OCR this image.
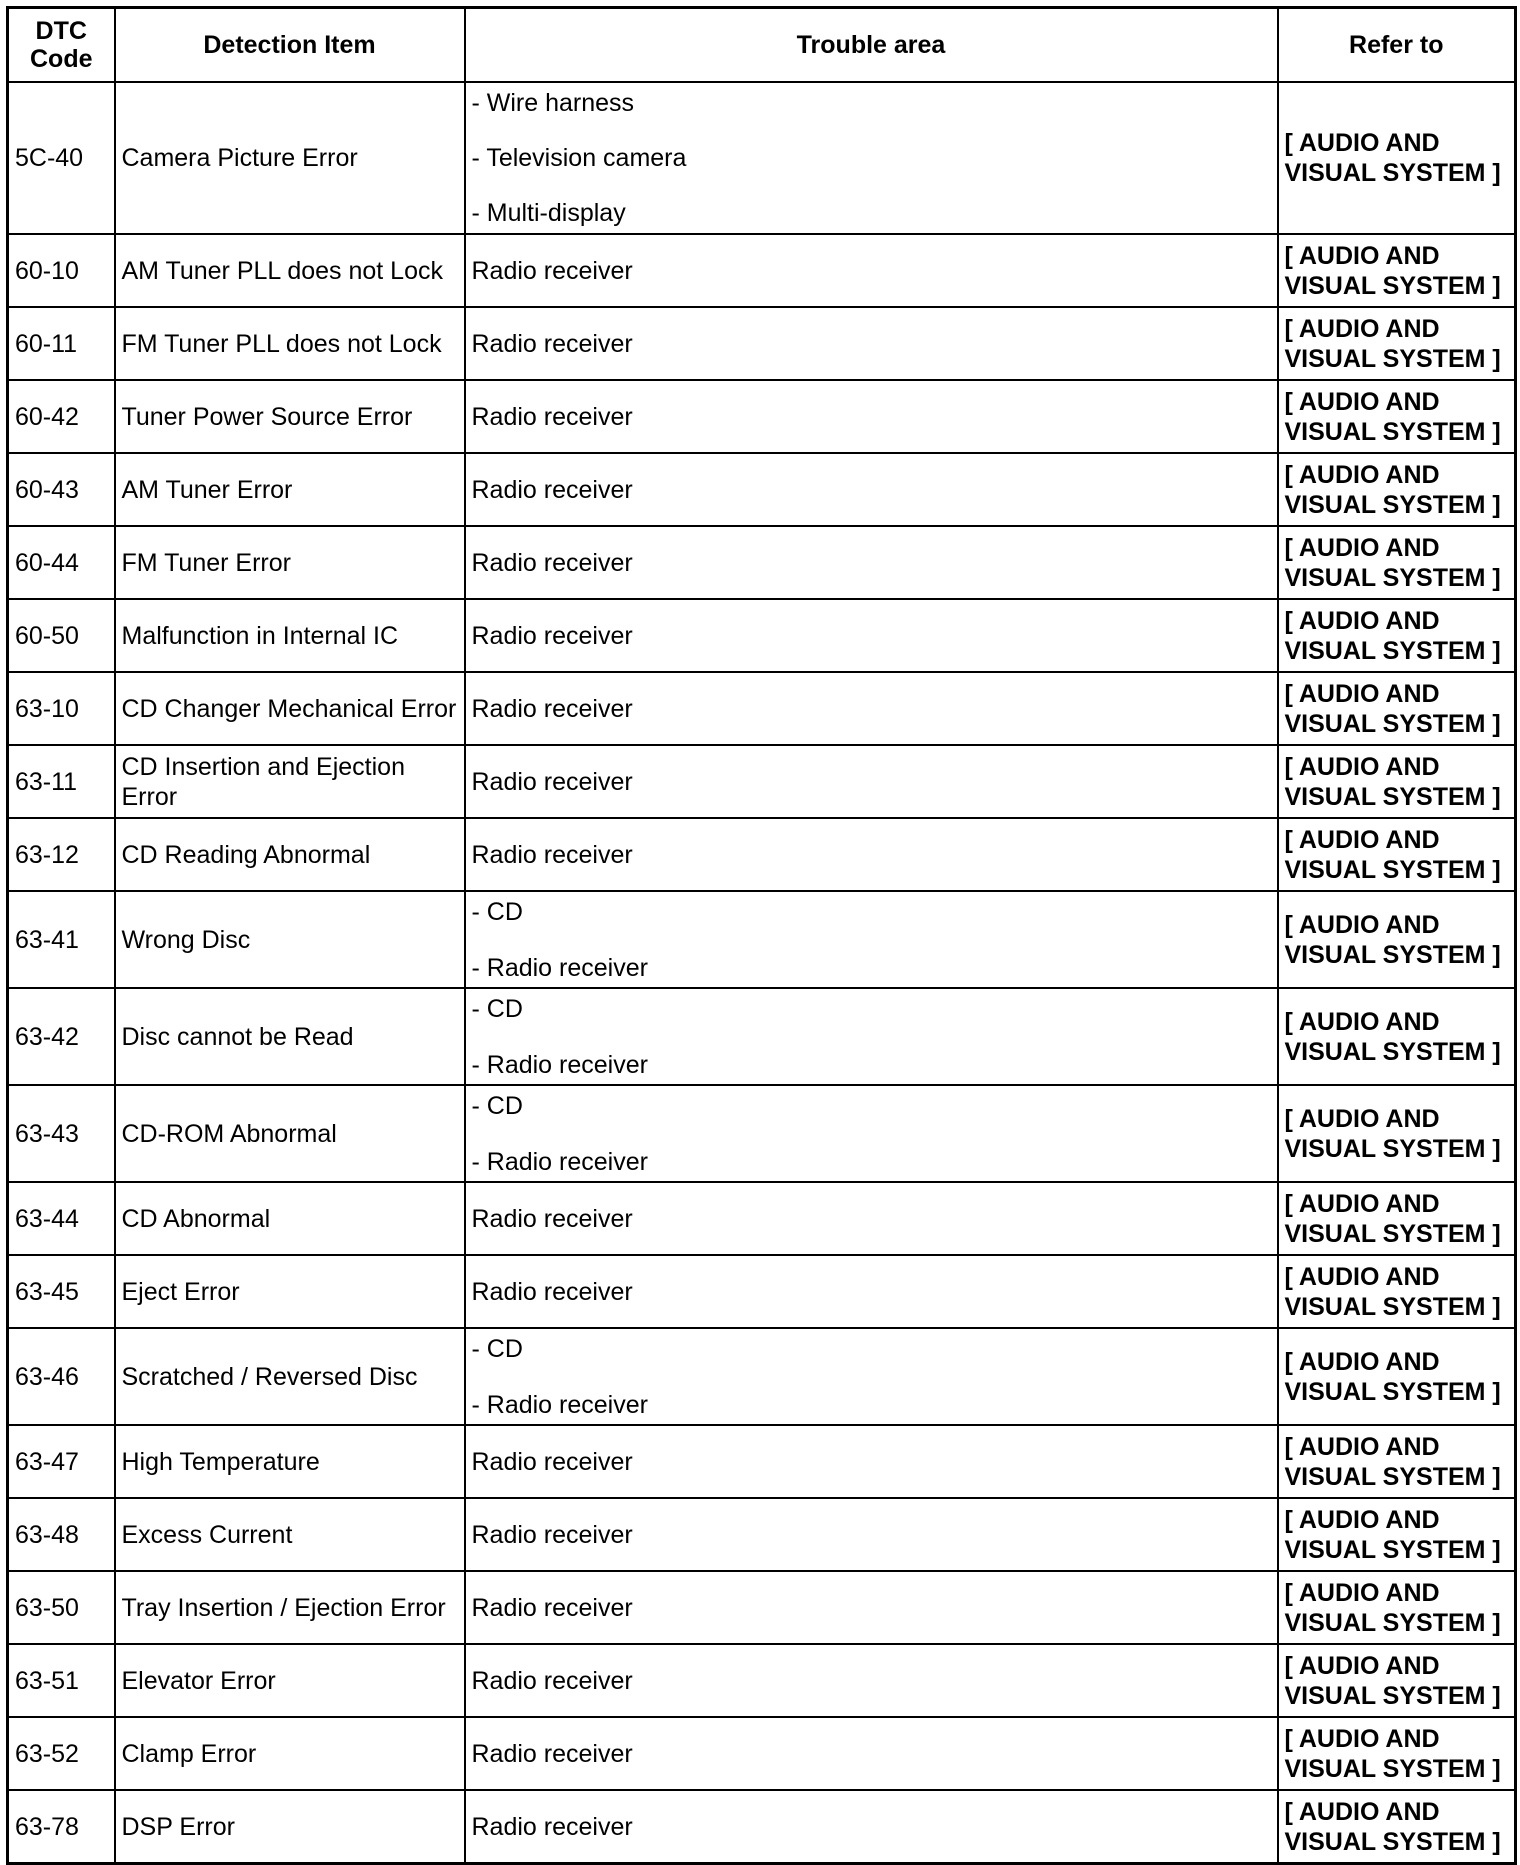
DTC
Code	Detection Item	Trouble area	Refer to
5C-40	Camera Picture Error	- Wire harness
- Television camera
- Multi-display	[ AUDIO AND VISUAL SYSTEM ]
60-10	AM Tuner PLL does not Lock	Radio receiver	[ AUDIO AND VISUAL SYSTEM ]
60-11	FM Tuner PLL does not Lock	Radio receiver	[ AUDIO AND VISUAL SYSTEM ]
60-42	Tuner Power Source Error	Radio receiver	[ AUDIO AND VISUAL SYSTEM ]
60-43	AM Tuner Error	Radio receiver	[ AUDIO AND VISUAL SYSTEM ]
60-44	FM Tuner Error	Radio receiver	[ AUDIO AND VISUAL SYSTEM ]
60-50	Malfunction in Internal IC	Radio receiver	[ AUDIO AND VISUAL SYSTEM ]
63-10	CD Changer Mechanical Error	Radio receiver	[ AUDIO AND VISUAL SYSTEM ]
63-11	CD Insertion and Ejection Error	Radio receiver	[ AUDIO AND VISUAL SYSTEM ]
63-12	CD Reading Abnormal	Radio receiver	[ AUDIO AND VISUAL SYSTEM ]
63-41	Wrong Disc	- CD
- Radio receiver	[ AUDIO AND VISUAL SYSTEM ]
63-42	Disc cannot be Read	- CD
- Radio receiver	[ AUDIO AND VISUAL SYSTEM ]
63-43	CD-ROM Abnormal	- CD
- Radio receiver	[ AUDIO AND VISUAL SYSTEM ]
63-44	CD Abnormal	Radio receiver	[ AUDIO AND VISUAL SYSTEM ]
63-45	Eject Error	Radio receiver	[ AUDIO AND VISUAL SYSTEM ]
63-46	Scratched / Reversed Disc	- CD
- Radio receiver	[ AUDIO AND VISUAL SYSTEM ]
63-47	High Temperature	Radio receiver	[ AUDIO AND VISUAL SYSTEM ]
63-48	Excess Current	Radio receiver	[ AUDIO AND VISUAL SYSTEM ]
63-50	Tray Insertion / Ejection Error	Radio receiver	[ AUDIO AND VISUAL SYSTEM ]
63-51	Elevator Error	Radio receiver	[ AUDIO AND VISUAL SYSTEM ]
63-52	Clamp Error	Radio receiver	[ AUDIO AND VISUAL SYSTEM ]
63-78	DSP Error	Radio receiver	[ AUDIO AND VISUAL SYSTEM ]
